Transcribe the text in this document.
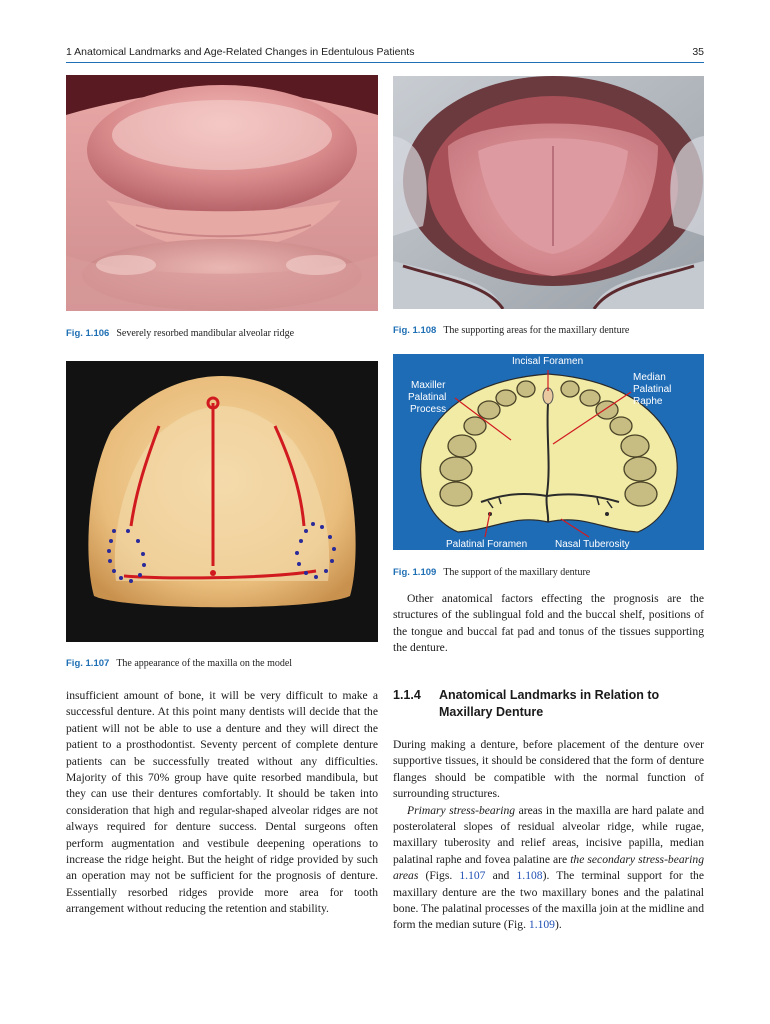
1 Anatomical Landmarks and Age-Related Changes in Edentulous Patients	35
Fig. 1.106 Severely resorbed mandibular alveolar ridge	Fig. 1.108 The supporting areas for the maxillary denture
Fig. 1.107 The appearance of the maxilla on the model
Incisal Foramen
Maxiller
Palatinal
Process
Median
Palatinal
Raphe
Palatinal Foramen	Nasal Tuberosity
Fig. 1.109 The support of the maxillary denture

Other anatomical factors effecting the prognosis are the structures of the sublingual fold and the buccal shelf, positions of the tongue and buccal fat pad and tonus of the tissues supporting the denture.

1.1.4 Anatomical Landmarks in Relation to Maxillary Denture

During making a denture, before placement of the denture over supportive tissues, it should be considered that the form of denture flanges should be compatible with the normal function of surrounding structures.

Primary stress-bearing areas in the maxilla are hard palate and posterolateral slopes of residual alveolar ridge, while rugae, maxillary tuberosity and relief areas, incisive papilla, median palatinal raphe and fovea palatine are the secondary stress-bearing areas (Figs. 1.107 and 1.108). The terminal support for the maxillary denture are the two maxillary bones and the palatinal bone. The palatinal processes of the maxilla join at the midline and form the median suture (Fig. 1.109).

insufficient amount of bone, it will be very difficult to make a successful denture. At this point many dentists will decide that the patient will not be able to use a denture and they will direct the patient to a prosthodontist. Seventy percent of complete denture patients can be successfully treated without any difficulties. Majority of this 70% group have quite resorbed mandibula, but they can use their dentures comfortably. It should be taken into consideration that high and regular-shaped alveolar ridges are not always required for denture success. Dental surgeons often perform augmentation and vestibule deepening operations to increase the ridge height. But the height of ridge provided by such an operation may not be sufficient for the prognosis of denture. Essentially resorbed ridges provide more area for tooth arrangement without reducing the retention and stability.
